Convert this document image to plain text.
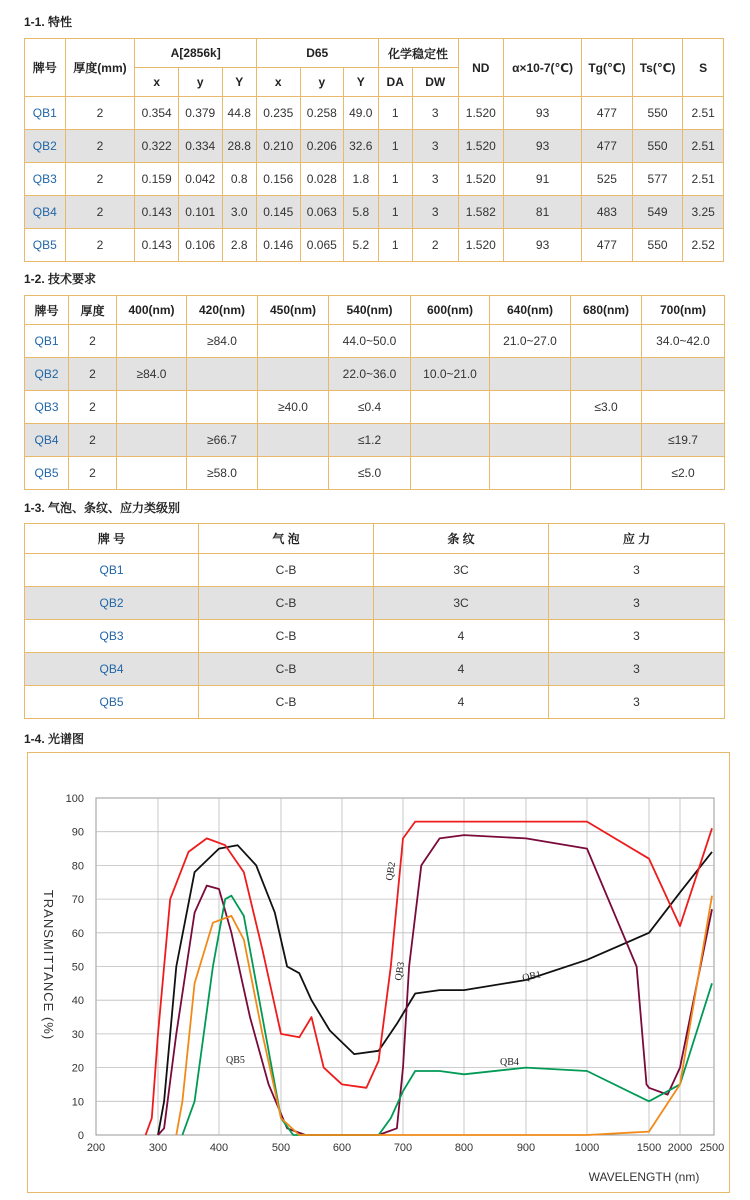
1-1. 特性
牌号	厚度(mm)	A[2856k]			D65			化学稳定性		ND	α×10-7(℃)	Tg(℃)	Ts(℃)	S
		x	y	Y	x	y	Y	DA	DW					
QB1	2	0.354	0.379	44.8	0.235	0.258	49.0	1	3	1.520	93	477	550	2.51
QB2	2	0.322	0.334	28.8	0.210	0.206	32.6	1	3	1.520	93	477	550	2.51
QB3	2	0.159	0.042	0.8	0.156	0.028	1.8	1	3	1.520	91	525	577	2.51
QB4	2	0.143	0.101	3.0	0.145	0.063	5.8	1	3	1.582	81	483	549	3.25
QB5	2	0.143	0.106	2.8	0.146	0.065	5.2	1	2	1.520	93	477	550	2.52
1-2. 技术要求
牌号	厚度	400(nm)	420(nm)	450(nm)	540(nm)	600(nm)	640(nm)	680(nm)	700(nm)
QB1	2		≥84.0		44.0~50.0		21.0~27.0		34.0~42.0
QB2	2	≥84.0			22.0~36.0	10.0~21.0			
QB3	2			≥40.0	≤0.4			≤3.0	
QB4	2		≥66.7		≤1.2				≤19.7
QB5	2		≥58.0		≤5.0				≤2.0
1-3. 气泡、条纹、应力类级别
牌 号	气 泡	条 纹	应 力
QB1	C-B	3C	3
QB2	C-B	3C	3
QB3	C-B	4	3
QB4	C-B	4	3
QB5	C-B	4	3
1-4. 光谱图
0
10
20
30
40
50
60
70
80
90
100
200	300	400	500	600	700	800	900	1000	1500 2000 2500
WAVELENGTH (nm)
TRANSMITTANCE (%)	QB1
QB2
QB3
QB4
QB5
